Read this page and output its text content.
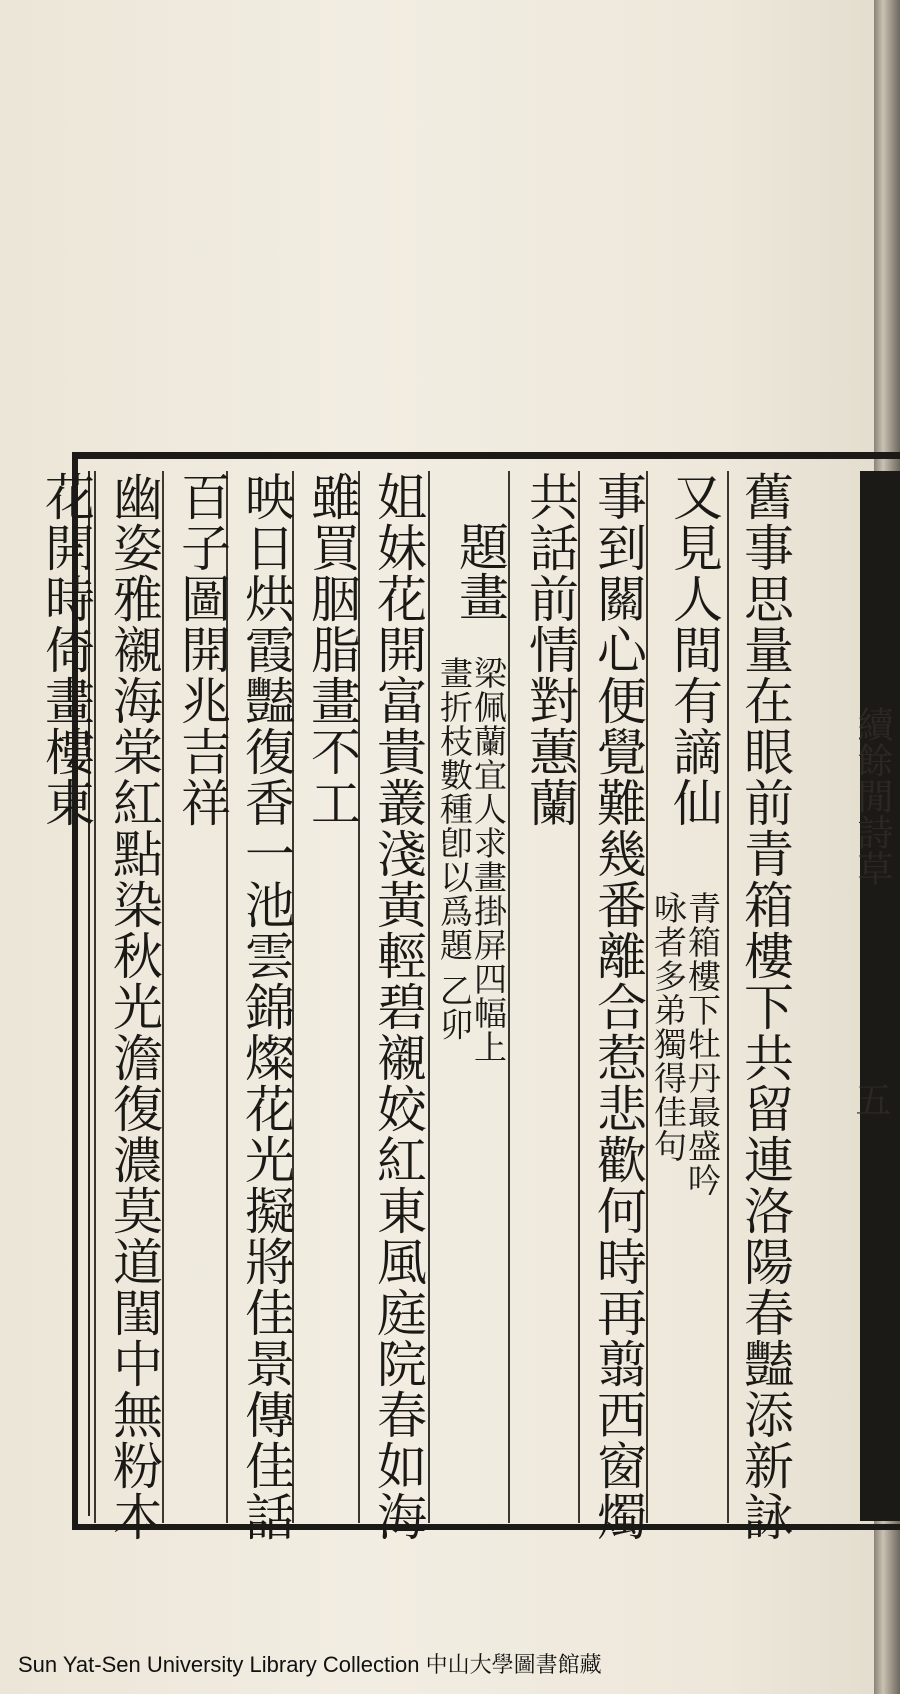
續餘閒詩草
五
舊事思量在眼前青箱樓下共留連洛陽春豔添新詠
又見人間有謫仙
青箱樓下牡丹最盛吟
咏者多弟獨得佳句
事到關心便覺難幾番離合惹悲歡何時再翦西窗燭
共話前情對蕙蘭
題畫
梁佩蘭宜人求畫掛屏四幅上
畫折枝數種卽以爲題 乙卯
姐妹花開富貴叢淺黃輕碧襯姣紅東風庭院春如海
雖買胭脂畫不工
映日烘霞豔復香一池雲錦燦花光擬將佳景傳佳話
百子圖開兆吉祥
幽姿雅襯海棠紅點染秋光澹復濃莫道閨中無粉本
花開時倚畫樓東
Sun Yat-Sen University Library Collection 中山大學圖書館藏
